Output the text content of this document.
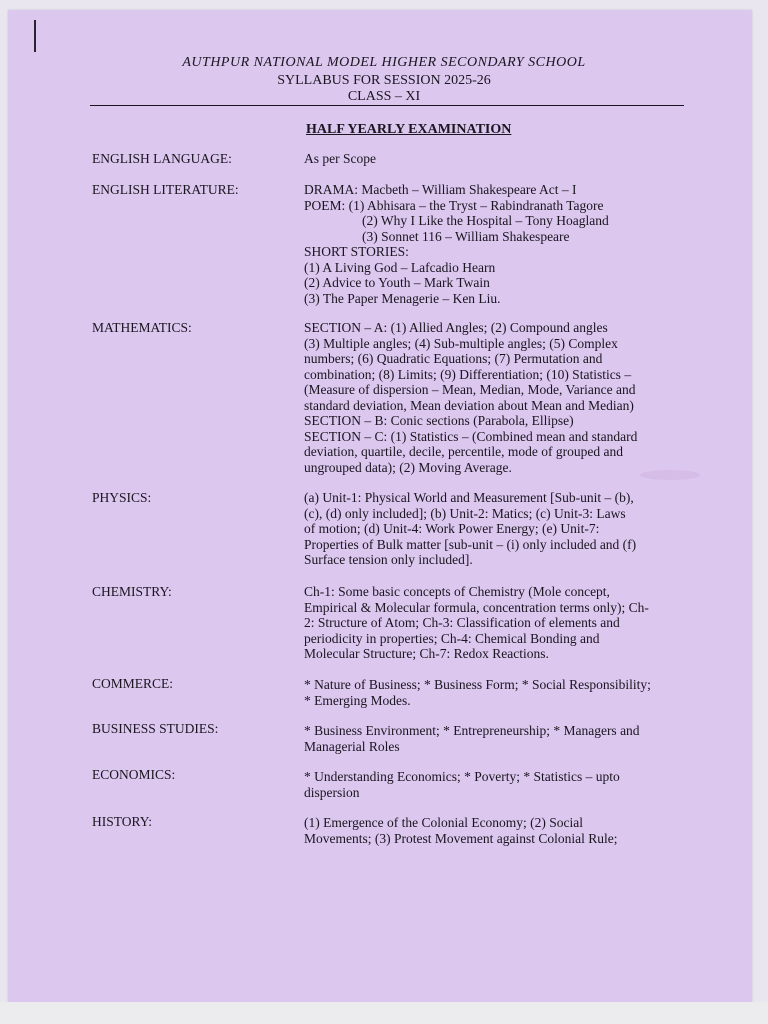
AUTHPUR NATIONAL MODEL HIGHER SECONDARY SCHOOL
SYLLABUS FOR SESSION 2025-26
CLASS – XI
HALF YEARLY EXAMINATION
ENGLISH LANGUAGE:	As per Scope
ENGLISH LITERATURE:	DRAMA: Macbeth – William Shakespeare Act – I
POEM: (1) Abhisara – the Tryst – Rabindranath Tagore
(2) Why I Like the Hospital – Tony Hoagland
(3) Sonnet 116 – William Shakespeare
SHORT STORIES:
(1) A Living God – Lafcadio Hearn
(2) Advice to Youth – Mark Twain
(3) The Paper Menagerie – Ken Liu.
MATHEMATICS:	SECTION – A: (1) Allied Angles; (2) Compound angles
(3) Multiple angles; (4) Sub-multiple angles; (5) Complex
numbers; (6) Quadratic Equations; (7) Permutation and
combination; (8) Limits; (9) Differentiation; (10) Statistics –
(Measure of dispersion – Mean, Median, Mode, Variance and
standard deviation, Mean deviation about Mean and Median)
SECTION – B: Conic sections (Parabola, Ellipse)
SECTION – C: (1) Statistics – (Combined mean and standard
deviation, quartile, decile, percentile, mode of grouped and
ungrouped data); (2) Moving Average.
PHYSICS:	(a) Unit-1: Physical World and Measurement [Sub-unit – (b),
(c), (d) only included]; (b) Unit-2: Matics; (c) Unit-3: Laws
of motion; (d) Unit-4: Work Power Energy; (e) Unit-7:
Properties of Bulk matter [sub-unit – (i) only included and (f)
Surface tension only included].
CHEMISTRY:	Ch-1: Some basic concepts of Chemistry (Mole concept,
Empirical & Molecular formula, concentration terms only); Ch-
2: Structure of Atom; Ch-3: Classification of elements and
periodicity in properties; Ch-4: Chemical Bonding and
Molecular Structure; Ch-7: Redox Reactions.
COMMERCE:	* Nature of Business; * Business Form; * Social Responsibility;
* Emerging Modes.
BUSINESS STUDIES:	* Business Environment; * Entrepreneurship; * Managers and
Managerial Roles
ECONOMICS:	* Understanding Economics; * Poverty; * Statistics – upto
dispersion
HISTORY:	(1) Emergence of the Colonial Economy; (2) Social
Movements; (3) Protest Movement against Colonial Rule;
